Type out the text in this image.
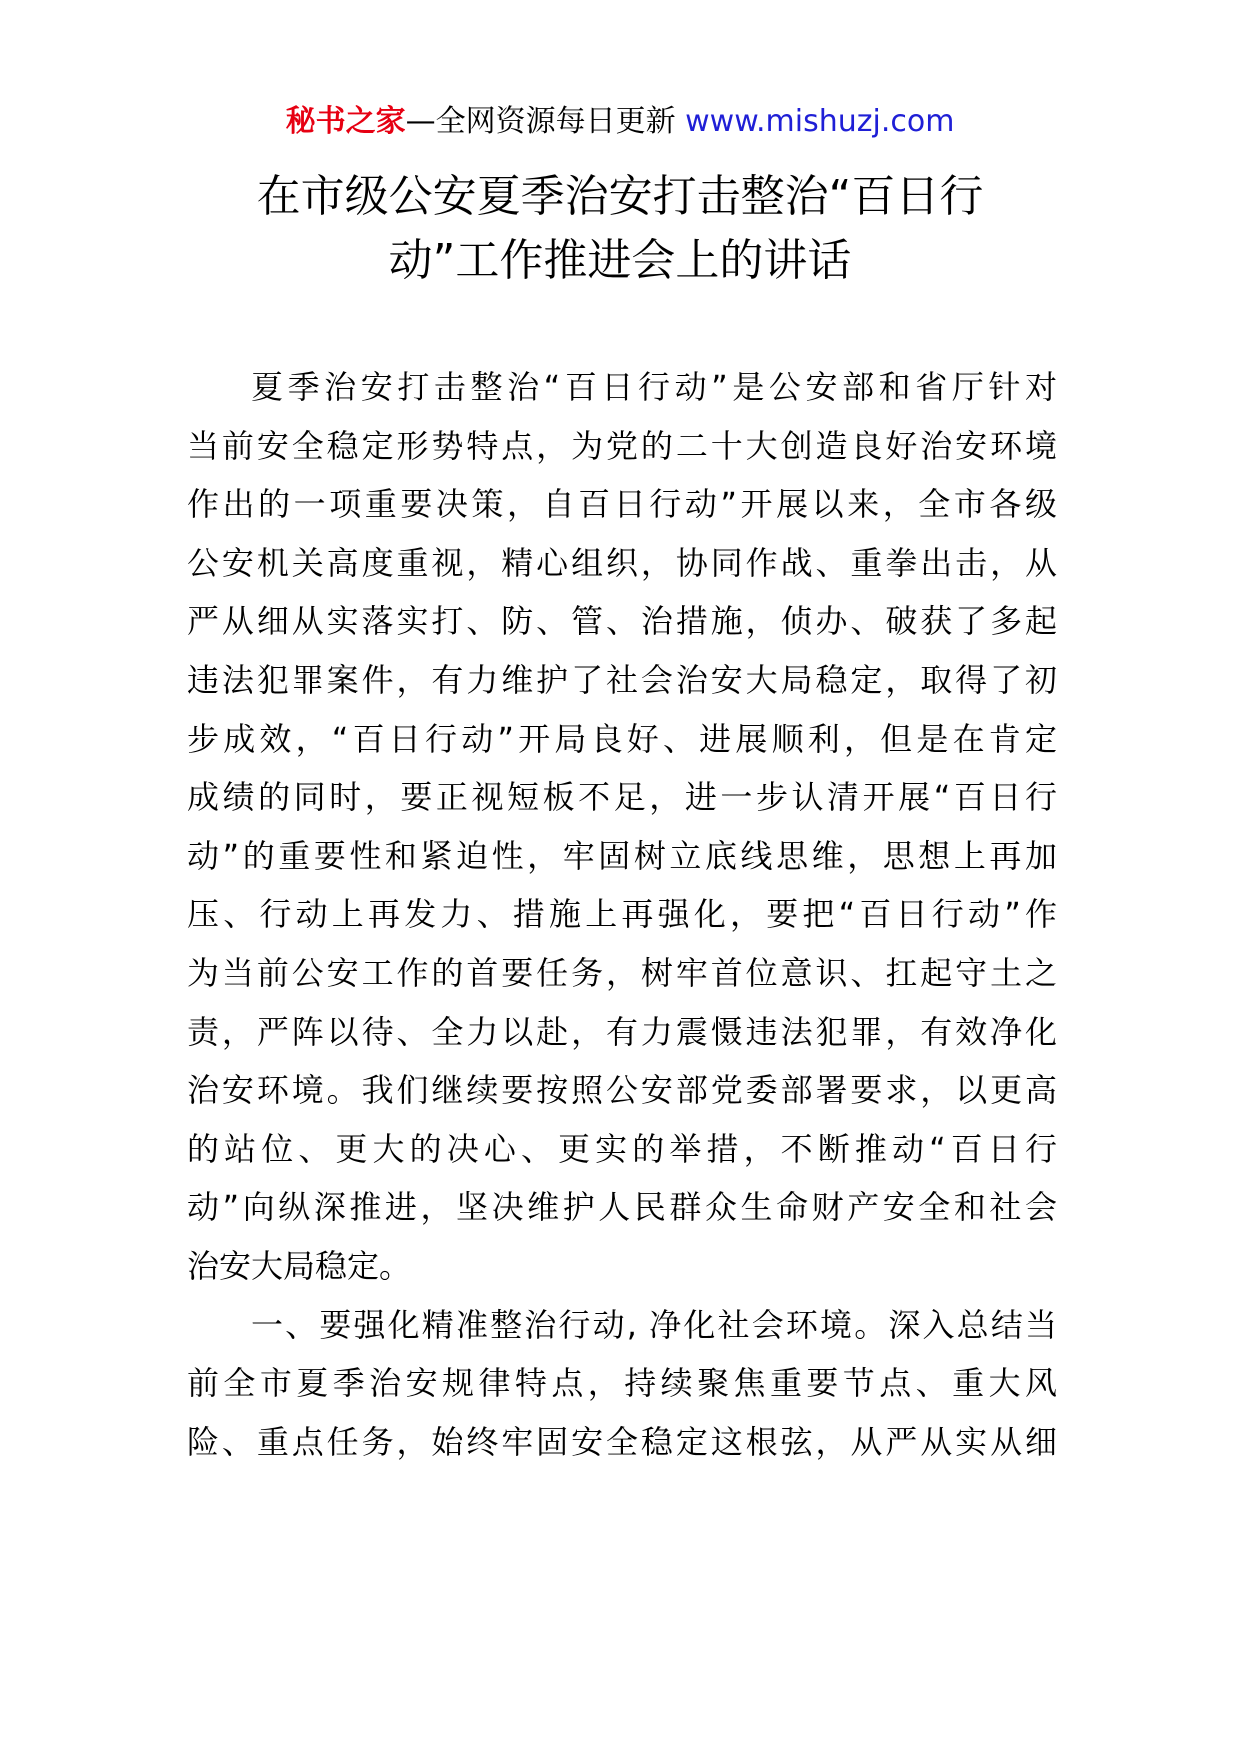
秘书之家—全网资源每日更新 www.mishuzj.com
在市级公安夏季治安打击整治“百日行
动”工作推进会上的讲话
夏季治安打击整治“百日行动”是公安部和省厅针对
当前安全稳定形势特点，为党的二十大创造良好治安环境
作出的一项重要决策，自百日行动”开展以来，全市各级
公安机关高度重视，精心组织，协同作战、重拳出击，从
严从细从实落实打、防、管、治措施，侦办、破获了多起
违法犯罪案件，有力维护了社会治安大局稳定，取得了初
步成效，“百日行动”开局良好、进展顺利，但是在肯定
成绩的同时，要正视短板不足，进一步认清开展“百日行
动”的重要性和紧迫性，牢固树立底线思维，思想上再加
压、行动上再发力、措施上再强化，要把“百日行动”作
为当前公安工作的首要任务，树牢首位意识、扛起守土之
责，严阵以待、全力以赴，有力震慑违法犯罪，有效净化
治安环境。我们继续要按照公安部党委部署要求，以更高
的站位、更大的决心、更实的举措，不断推动“百日行
动”向纵深推进，坚决维护人民群众生命财产安全和社会
治安大局稳定。
一、要强化精准整治行动, 净化社会环境。深入总结当
前全市夏季治安规律特点，持续聚焦重要节点、重大风
险、重点任务，始终牢固安全稳定这根弦，从严从实从细
